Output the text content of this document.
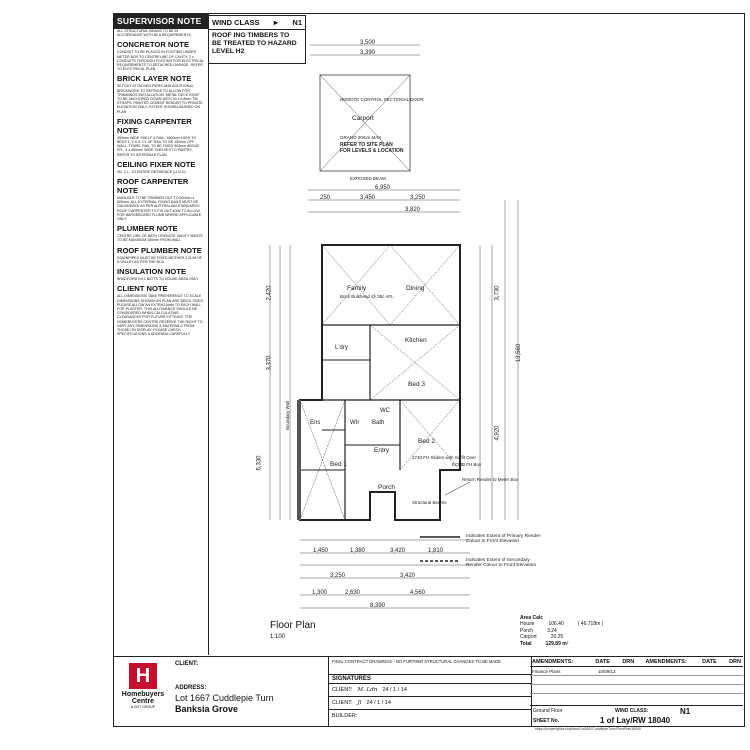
SUPERVISOR NOTE
ALL STRUCTURAL BEAMS TO BE IN ACCORDANCE WITH BCA REQUIREMENTS
CONCRETOR NOTE
CONDUIT TO BE PLACED IN FOOTING UNDER METER BOX TO CENTRELINE OF CAVITY. 2 x CONDUITS THROUGH FOOTING FOR ELECTRICAL REQUIREMENTS TO DETACHED GARAGE, REFER TO ELECTRICAL PLAN
BRICK LAYER NOTE
SETOUT ATTACHED PIERS AND ADDITIONAL BRICKWORK TO REFRIGE TO ALLOW FOR TRIMMINGS INSTALLATION. METAL DECK ROOF TO BE ANCHORED DOWN WITH 30 x 0.8mm TIE STRAPS. PAINTED CEMENT RENDER TO PRIVATE ELEVATION ONLY. EXTENT SHOWN DASHED ON PLAN
FIXING CARPENTER NOTE
450mm WIDE SHELF & RAIL. 1800mm HIGH TO BEDS 1, 2 & 3. CL OF RAIL TO BE 150mm OFF WALL. TOWEL RAIL TO BE FIXED 900mm ABOVE FFL. 4 x 450mm WIDE SHELVES TO PANTRY. REFER TO INTERNALS PLAN
CEILING FIXER NOTE
3N. C.L. TO ENTIRE RESIDENCE (U.N.O)
ROOF CARPENTER NOTE
MANHOLE TO BE TRIMMED OUT TO 500mm x 600mm. ALL EXTERNAL FIXING NAILS MUST BE GALVANIZED AS PER AUSTRALIAN STANDARDS. ROOF CARPENTER TO FIX OUT 400# TO ALLOW FOR BARGEBOARD FLUME WHERE APPLICABLE ONLY
PLUMBER NOTE
CENTRE LINE OF BATH / ENSUITE VANITY WASTE TO BE MAXIMUM 150mm FROM WALL
ROOF PLUMBER NOTE
DOWNPIPES MUST BE FIXED NEITHER 1.2L/M OF A VALLEY AS PER THE BCA
INSULATION NOTE
BRADFORD R4.1 BATTS TO HOUSE AREA ONLY
CLIENT NOTE
ALL DIMENSIONS TAKE PREFERENCE TO SCALE. DIMENSIONS SHOWN ON PLAN ARE BRICK SIZES. PLEASE ALLOW AN EXTRA 10mm TO EACH WALL FOR PLASTER. THIS ALLOWANCE SHOULD BE CONSIDERED WHEN CALCULATING CLEARANCES FOR FUTURE FITTINGS. THE HOMEBUYERS CENTRE RESERVE THE RIGHT TO VARY ANY DIMENSIONS & MATERIALS FROM THOSE ON DISPLAY. PLEASE CHECK SPECIFICATIONS & ADDENDA CAREFULLY
WIND CLASS ► N1
ROOF ING TIMBERS TO
BE TREATED TO HAZARD
LEVEL H2
Carport
REMOTE CONTROL SECTIONAL DOOR
GRANO 20mm MAX
REFER TO SITE PLAN
FOR LEVELS & LOCATION
EXPOSED BEAM
Family	Dining
Brick Bulkhead @ 35c AFL
Kitchen
Bed 3
Bed 2
Bed 1
Entry
Porch
L'dry
WIr Bath
WC
Ens
Boundary Wall
2740 FH Sliders with Suffit Over
Return Render to Meter Box
ECMB FH Box
Structural Beams
Indicates Extent of Primary Render Colour to Front Elevation
Indicates Extent of Secondary Render Colour to Front Elevation
3,500
3,390
6,950
250	3,450	3,250
3,820
2,420
3,370
6,330
3,730
13,560
4,920
1,450	1,380	3,420	1,810
3,250	3,420
1,300	2,630	4,560
8,390
Floor Plan
1:100
Area Calc
House	106.40	( 46.718m )
Porch	3.24
Carport	20.25
Total	129.89 m²
H
Homebuyers
Centre
A DGT GROUP
CLIENT:
ADDRESS:
Lot 1667 Cuddlepie Turn
Banksia Grove
FINAL CONTRACT DRAWINGS - NO FURTHER STRUCTURAL CHANGES TO BE MADE
SIGNATURES
CLIENT: M. Ldn 24 / 1 / 14
CLIENT: Jl 24 / 1 / 14
BUILDER:
AMENDMENTS:	DATE	DRN	AMENDMENTS:	DATE	DRN
Finance Plans	10/09/13
Ground Floor	WIND CLASS:	N1
SHEET No.	1 of Lay/RW 18040
https://propertyfiles.hb/plans/Lot1667CuddlepieTurn/FloorPlan18040
